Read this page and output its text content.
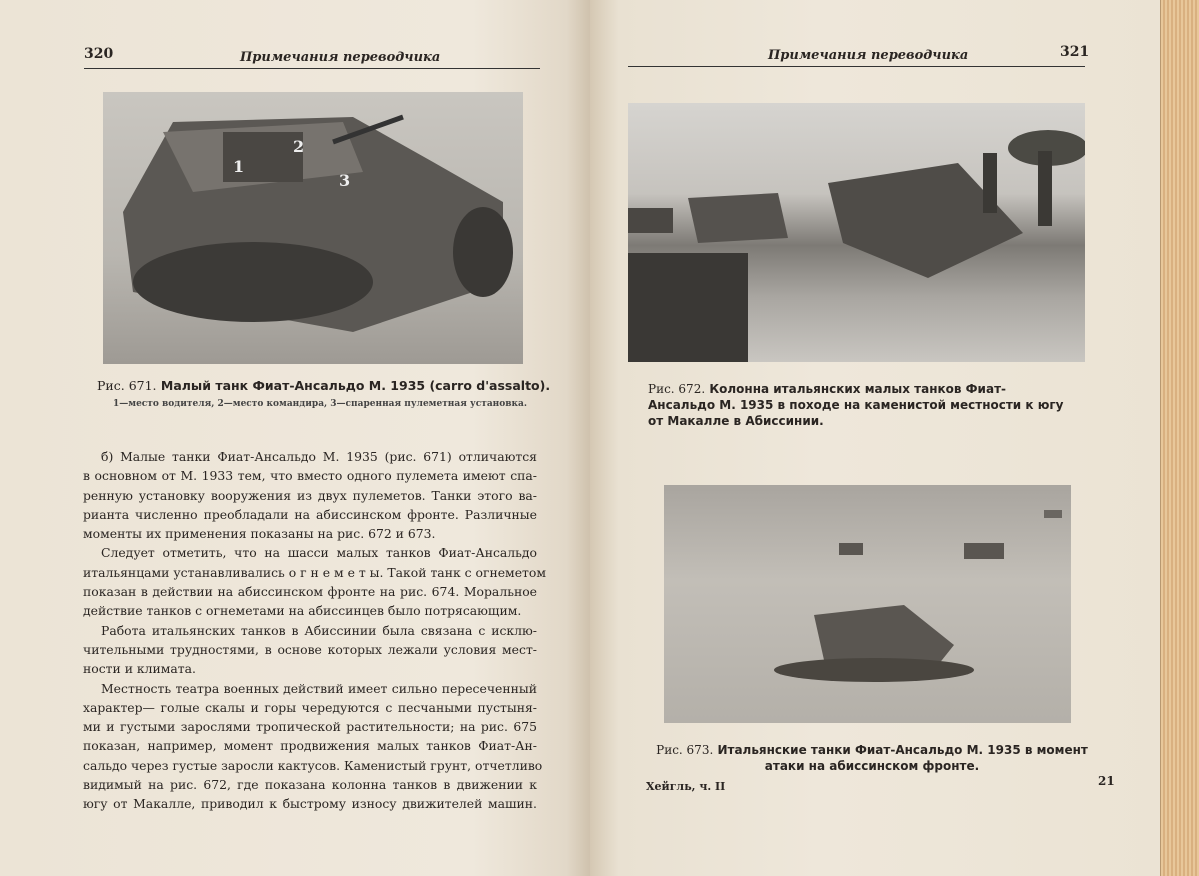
320	Примечания переводчика
1
2
3
Рис. 671. Малый танк Фиат-Ансальдо М. 1935 (carro d'assalto).
1—место водителя, 2—место командира, 3—спаренная пулеметная установка.
б) Малые танки Фиат-Ансальдо М. 1935 (рис. 671) отличаются
в основном от М. 1933 тем, что вместо одного пулемета имеют спа-
ренную установку вооружения из двух пулеметов. Танки этого ва-
рианта численно преобладали на абиссинском фронте. Различные
моменты их применения показаны на рис. 672 и 673.
Следует отметить, что на шасси малых танков Фиат-Ансальдо
итальянцами устанавливались о г н е м е т ы. Такой танк с огнеметом
показан в действии на абиссинском фронте на рис. 674. Моральное
действие танков с огнеметами на абиссинцев было потрясающим.
Работа итальянских танков в Абиссинии была связана с исклю-
чительными трудностями, в основе которых лежали условия мест-
ности и климата.
Местность театра военных действий имеет сильно пересеченный
характер— голые скалы и горы чередуются с песчаными пустыня-
ми и густыми зарослями тропической растительности; на рис. 675
показан, например, момент продвижения малых танков Фиат-Ан-
сальдо через густые заросли кактусов. Каменистый грунт, отчетливо
видимый на рис. 672, где показана колонна танков в движении к
югу от Макалле, приводил к быстрому износу движителей машин.
Примечания переводчика	321
Рис. 672. Колонна итальянских малых танков Фиат-Ансальдо М. 1935 в походе на каменистой местности к югу от Макалле в Абиссинии.
Рис. 673. Итальянские танки Фиат-Ансальдо М. 1935 в момент атаки на абиссинском фронте.
Хейгль, ч. II	21
